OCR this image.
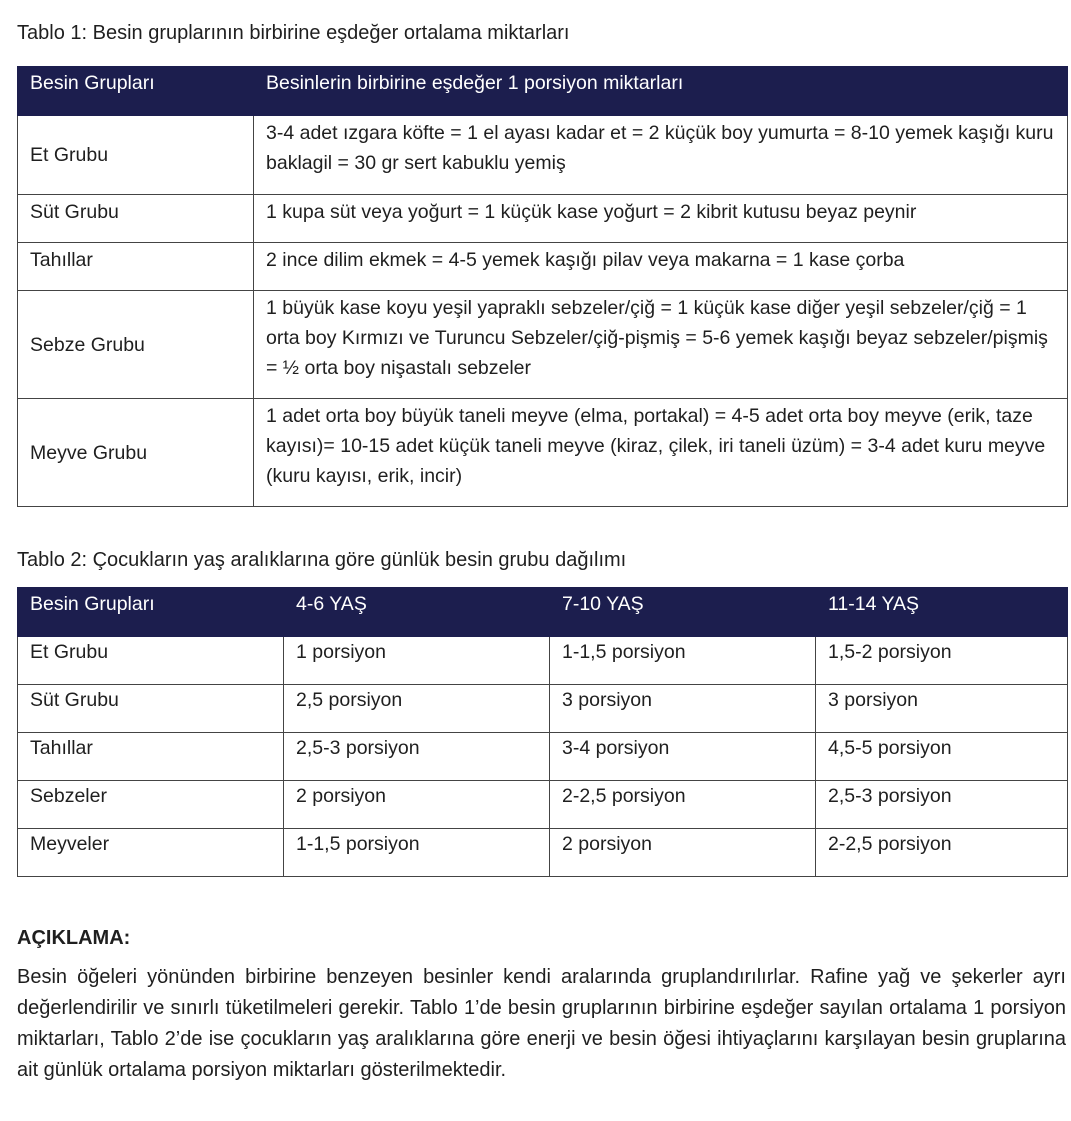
Tablo 1: Besin gruplarının birbirine eşdeğer ortalama miktarları
Besin Grupları	Besinlerin birbirine eşdeğer 1 porsiyon miktarları

Et Grubu	3-4 adet ızgara köfte = 1 el ayası kadar et = 2 küçük boy yumurta = 8-10 yemek kaşığı kuru baklagil = 30 gr sert kabuklu yemiş
Süt Grubu	1 kupa süt veya yoğurt = 1 küçük kase yoğurt = 2 kibrit kutusu beyaz peynir
Tahıllar	2 ince dilim ekmek = 4-5 yemek kaşığı pilav veya makarna = 1 kase çorba
Sebze Grubu	1 büyük kase koyu yeşil yapraklı sebzeler/çiğ = 1 küçük kase diğer yeşil sebzeler/çiğ = 1 orta boy Kırmızı ve Turuncu Sebzeler/çiğ-pişmiş = 5-6 yemek kaşığı beyaz sebzeler/pişmiş = ½ orta boy nişastalı sebzeler
Meyve Grubu	1 adet orta boy büyük taneli meyve (elma, portakal) = 4-5 adet orta boy meyve (erik, taze kayısı)= 10-15 adet küçük taneli meyve (kiraz, çilek, iri taneli üzüm) = 3-4 adet kuru meyve (kuru kayısı, erik, incir)
Tablo 2: Çocukların yaş aralıklarına göre günlük besin grubu dağılımı
Besin Grupları	4-6 YAŞ	7-10 YAŞ	11-14 YAŞ

Et Grubu	1 porsiyon	1-1,5 porsiyon	1,5-2 porsiyon
Süt Grubu	2,5 porsiyon	3 porsiyon	3 porsiyon
Tahıllar	2,5-3 porsiyon	3-4 porsiyon	4,5-5 porsiyon
Sebzeler	2 porsiyon	2-2,5 porsiyon	2,5-3 porsiyon
Meyveler	1-1,5 porsiyon	2 porsiyon	2-2,5 porsiyon
AÇIKLAMA:

Besin öğeleri yönünden birbirine benzeyen besinler kendi aralarında gruplandırılırlar. Rafine yağ ve şekerler ayrı değerlendirilir ve sınırlı tüketilmeleri gerekir. Tablo 1’de besin gruplarının birbirine eşdeğer sayılan ortalama 1 porsiyon miktarları, Tablo 2’de ise çocukların yaş aralıklarına göre enerji ve besin öğesi ihtiyaçlarını karşılayan besin gruplarına ait günlük ortalama porsiyon miktarları gösterilmektedir.
